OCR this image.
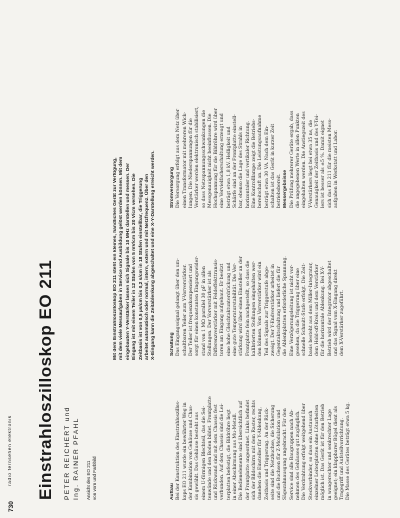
730
radio fernsehen elektronik Einstrahloszilloskop EO 211	PETER REICHERT und Ing. RAINER PFAHL Ansicht des EO 211 von vorn und Farbbild
Mit dem Einstrahloszilloskop EO 211 steht ein kleines, handliches Gerät zur Verfügung, mit dem viele Messaufgaben in Service und Ausbildung gelöst werden können. Mit dem eingebauten Y-Verstärker lassen sich Signale bis 10 MHz darstellen und messen. Der Eingang ist mit einem Teiler in 12 Stufen von 5 mV/cm bis 20 V/cm versehen. Die Zeitbasis ist von 0,5 µs/cm bis 0,2 s/cm in 18 Stufen einstellbar, die Triggerung arbeitet automatisch oder normal, intern, extern und mit Netzfrequenz. Über den X-Eingang kann die Zeitablenkung abgeschaltet und eine X-Y-Darstellung erreicht werden.
Aufbau Bei der Konstruktion des Einstrahloszillos- kops EO 211 wurde ein bewährter Weg in der Kombination von Gehäuse und Chas- sis gewählt. Das Gehäuse besteht aus einem U-förmigen Blechteil, das die Sei- tenwände und den Boden bildet. Frontplatte und Rückwand sind mit dem Chassis fest verbunden. Auf dem Chassis sind die Lei- terplatten befestigt, die Bildröhre liegt in einer Abschirmung aus Mu-Metall. Die Bedienelemente sind übersichtlich auf der Frontplatte angeordnet. Links befindet sich der Bildschirm mit dem Raster, rechts daneben die Einsteller für Y-Ablenkung, Zeitbasis und Triggerung. An der Rück- seite sind die Netzbuchse, die Sicherung und die Buchsen für Z-Modulation und Sägezahnausgang angebracht. Für den Service sind alle Baugruppen nach Ab- nehmen des Gehäuses gut zugänglich. Die Verdrahtung erfolgt weitgehend über Steckverbinder, so dass ein Austausch einzelner Leiterplatten ohne Lötarbeiten möglich ist. Das Gerät ist für den Betrieb in waagerechter und senkrechter Lage geeignet; ein klappbarer Bügel dient als Tragegriff und Aufstellvorrichtung. Die Masse des Gerätes beträgt etwa 5 kg.
Schaltung Das Eingangssignal gelangt über den um- schaltbaren Teiler zum Y-Vorverstärker. Der Teiler ist frequenzkompensiert und sorgt für einen konstanten Eingangswider- stand von 1 MΩ parallel 30 pF in allen Stellungen. Der Vorverstärker ist als Differenzverstärker mit Feldeffekttransis- toren am Eingang aufgebaut. Er besitzt eine hohe Gleichtaktunterdrückung und eine gute Temperaturstabilität. Die Ver- stärkung wird über einen Einsteller an der Frontplatte fein nachgestellt, so dass die kalibrierten Stellungen eingehalten wer- den können. Vom Vorverstärker wird ein Teil des Signals zur Triggerstufe abge- zweigt. Der Y-Endverstärker arbeitet in Gegentaktschaltung und liefert die für die Ablenkplatten erforderliche Spannung. Eine Verzögerungsleitung ist nicht vor- gesehen, da die Triggerung über eine schnelle Schmitt-Stufe erfolgt. Die Zeit- basis besteht aus dem Miller-Integrator, dem Hold-off-Kreis und dem Verstärker für die horizontale Ablenkung. Bei X-Y- Betrieb wird der Integrator abgeschaltet und das Signal vom X-Eingang direkt dem X-Verstärker zugeführt.
Stromversorgung Die Versorgung erfolgt aus dem Netz über einen Transformator mit mehreren Wick- lungen. Die Niederspannungen für die Verstärker werden elektronisch stabilisiert, so dass Netzspannungsschwankungen die Messgenauigkeit nicht beeinflussen. Die Hochspannung für die Bildröhre wird über eine Vervielfacherschaltung erzeugt und beträgt etwa 1,8 kV. Helligkeit und Schärfe sind an der Frontplatte einstell- bar, ebenso die Lage des Strahls in horizontaler und vertikaler Richtung. Eine Kontrolllampe zeigt die Betriebs- bereitschaft an. Die Leistungsaufnahme beträgt etwa 30 VA. Nach dem Ein- schalten ist das Gerät in kurzer Zeit betriebsbereit. Messergebnisse Die Prüfung mehrerer Geräte ergab, dass die angegebenen Werte in allen Punkten eingehalten werden. Die Anstiegszeit des Y-Verstärkers liegt bei etwa 35 ns, die Genauigkeit der Zeitbasis und des Y-Tei- lers ist besser als ±5 %. Damit eignet sich das EO 211 für die meisten Mess- aufgaben in Werkstatt und Labor.
